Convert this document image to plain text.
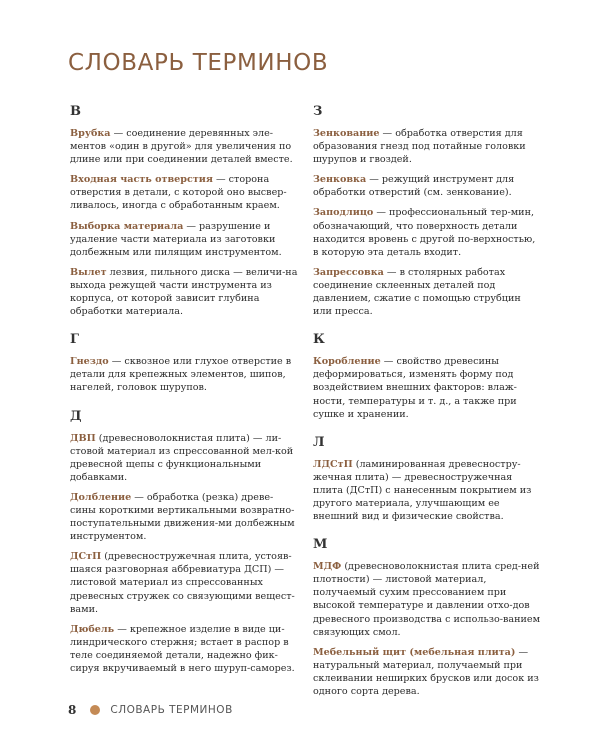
СЛОВАРЬ ТЕРМИНОВ
В

Врубка — соединение деревянных эле-ментов «один в другой» для увеличения по длине или при соединении деталей вместе.

Входная часть отверстия — сторона отверстия в детали, с которой оно высвер-ливалось, иногда с обработанным краем.

Выборка материала — разрушение и удаление части материала из заготовки долбежным или пилящим инструментом.

Вылет лезвия, пильного диска — величи-на выхода режущей части инструмента из корпуса, от которой зависит глубина обработки материала.

Г

Гнездо — сквозное или глухое отверстие в детали для крепежных элементов, шипов, нагелей, головок шурупов.

Д

ДВП (древесноволокнистая плита) — ли-стовой материал из спрессованной мел-кой древесной щепы с функциональными добавками.

Долбление — обработка (резка) древе-сины короткими вертикальными возвратно-поступательными движения-ми долбежным инструментом.

ДСтП (древесностружечная плита, устояв-шаяся разговорная аббревиатура ДСП) — листовой материал из спрессованных древесных стружек со связующими вещест-вами.

Дюбель — крепежное изделие в виде ци-линдрического стержня; встает в распор в теле соединяемой детали, надежно фик-сируя вкручиваемый в него шуруп-саморез.

З

Зенкование — обработка отверстия для образования гнезд под потайные головки шурупов и гвоздей.

Зенковка — режущий инструмент для обработки отверстий (см. зенкование).

Заподлицо — профессиональный тер-мин, обозначающий, что поверхность детали находится вровень с другой по-верхностью, в которую эта деталь входит.

Запрессовка — в столярных работах соединение склеенных деталей под давлением, сжатие с помощью струбцин или пресса.

К

Коробление — свойство древесины деформироваться, изменять форму под воздействием внешних факторов: влаж-ности, температуры и т. д., а также при сушке и хранении.

Л

ЛДСтП (ламинированная древесностру-жечная плита) — древесностружечная плита (ДСтП) с нанесенным покрытием из другого материала, улучшающим ее внешний вид и физические свойства.

М

МДФ (древесноволокнистая плита сред-ней плотности) — листовой материал, получаемый сухим прессованием при высокой температуре и давлении отхо-дов древесного производства с использо-ванием связующих смол.

Мебельный щит (мебельная плита) — натуральный материал, получаемый при склеивании неширких брусков или досок из одного сорта дерева.

8	СЛОВАРЬ ТЕРМИНОВ
